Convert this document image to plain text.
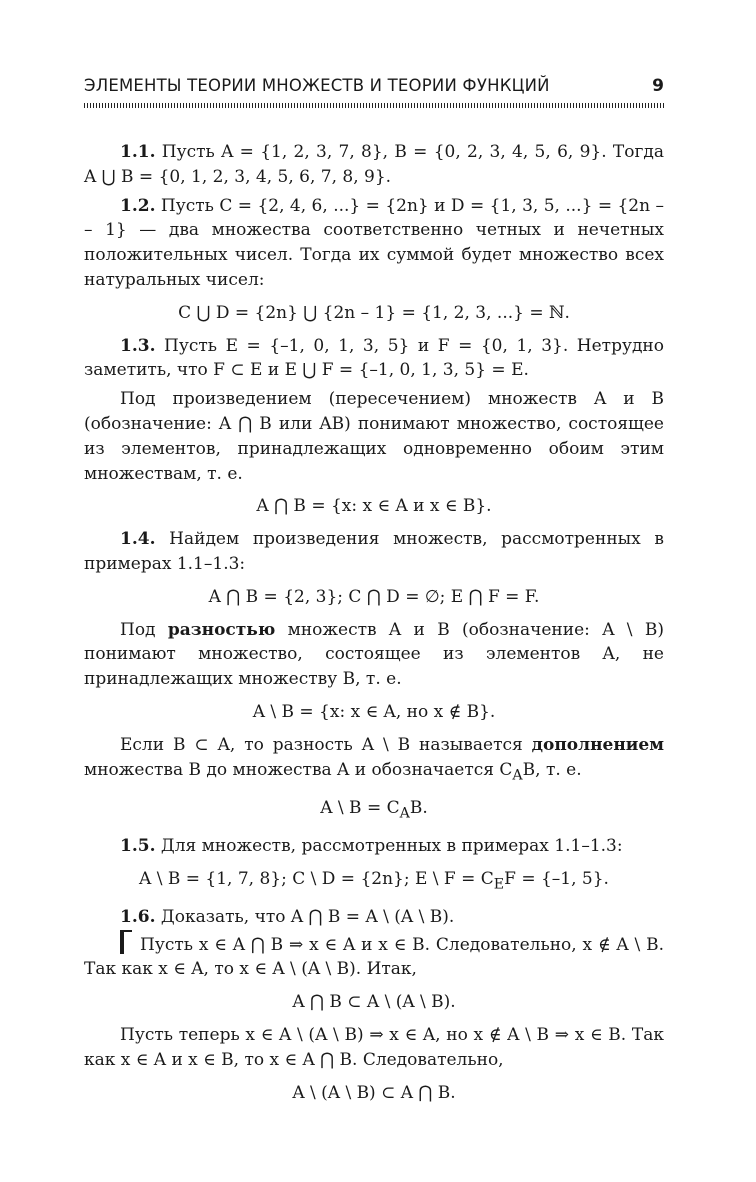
ЭЛЕМЕНТЫ ТЕОРИИ МНОЖЕСТВ И ТЕОРИИ ФУНКЦИЙ	9

1.1. Пусть A = {1, 2, 3, 7, 8}, B = {0, 2, 3, 4, 5, 6, 9}. Тогда A ⋃ B = {0, 1, 2, 3, 4, 5, 6, 7, 8, 9}.

1.2. Пусть C = {2, 4, 6, ...} = {2n} и D = {1, 3, 5, ...} = {2n – – 1} — два множества соответственно четных и нечетных положительных чисел. Тогда их суммой будет множество всех натуральных чисел:

C ⋃ D = {2n} ⋃ {2n – 1} = {1, 2, 3, ...} = ℕ.

1.3. Пусть E = {–1, 0, 1, 3, 5} и F = {0, 1, 3}. Нетрудно заметить, что F ⊂ E и E ⋃ F = {–1, 0, 1, 3, 5} = E.

Под произведением (пересечением) множеств A и B (обозначение: A ⋂ B или AB) понимают множество, состоящее из элементов, принадлежащих одновременно обоим этим множествам, т. е.

A ⋂ B = {x: x ∈ A и x ∈ B}.

1.4. Найдем произведения множеств, рассмотренных в примерах 1.1–1.3:

A ⋂ B = {2, 3}; C ⋂ D = ∅; E ⋂ F = F.

Под разностью множеств A и B (обозначение: A \ B) понимают множество, состоящее из элементов A, не принадлежащих множеству B, т. е.

A \ B = {x: x ∈ A, но x ∉ B}.

Если B ⊂ A, то разность A \ B называется дополнением множества B до множества A и обозначается $C_AB$, т. е.

A \ $B = C_AB$.

1.5. Для множеств, рассмотренных в примерах 1.1–1.3:

A \ B = {1, 7, 8}; C \ D = {2n}; E \ $F = C_EF = \{-1$, 5}.

1.6. Доказать, что A ⋂ B = A \ (A \ B).

Пусть x ∈ A ⋂ B ⇒ x ∈ A и x ∈ B. Следовательно, x ∉ A \ B. Так как x ∈ A, то x ∈ A \ (A \ B). Итак,

A ⋂ B ⊂ A \ (A \ B).

Пусть теперь x ∈ A \ (A \ B) ⇒ x ∈ A, но x ∉ A \ B ⇒ x ∈ B. Так как x ∈ A и x ∈ B, то x ∈ A ⋂ B. Следовательно,

A \ (A \ B) ⊂ A ⋂ B.
